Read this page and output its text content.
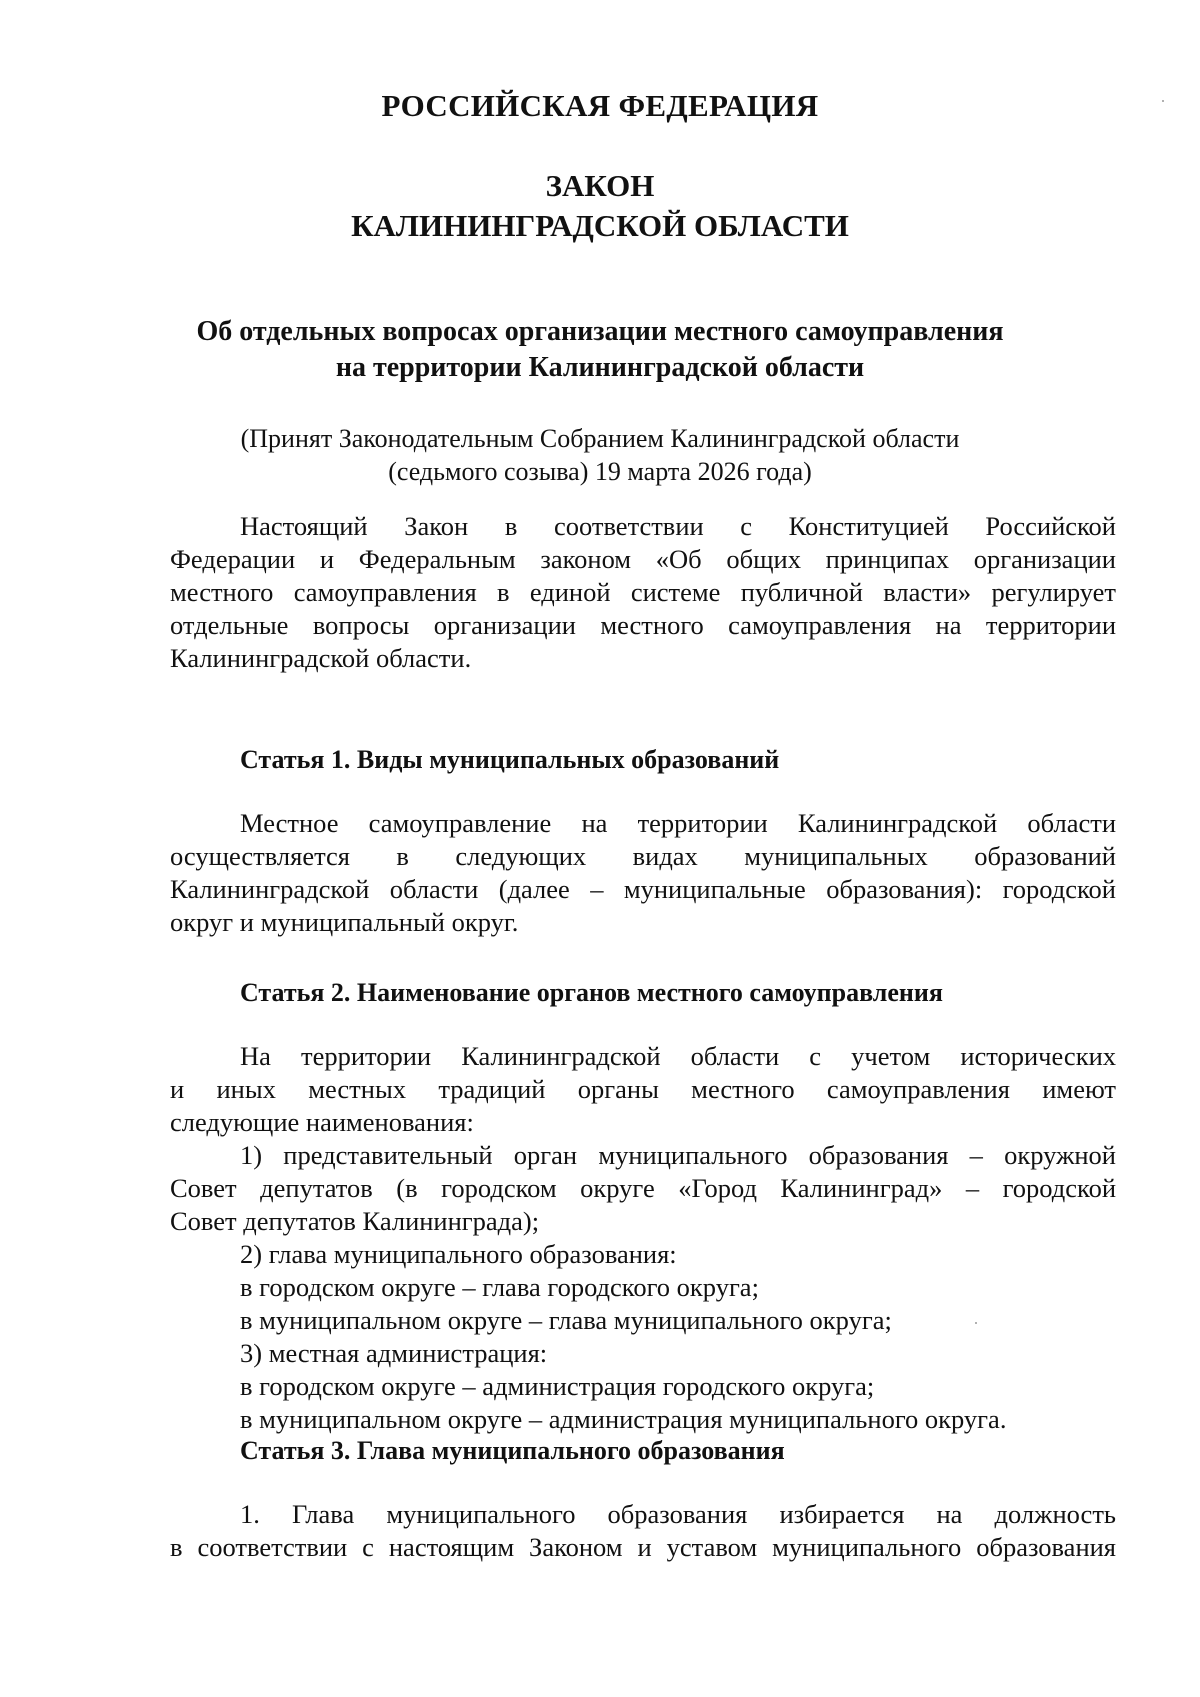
РОССИЙСКАЯ ФЕДЕРАЦИЯ
ЗАКОН
КАЛИНИНГРАДСКОЙ ОБЛАСТИ
Об отдельных вопросах организации местного самоуправления
на территории Калининградской области
(Принят Законодательным Собранием Калининградской области
(седьмого созыва) 19 марта 2026 года)
Настоящий Закон в соответствии с Конституцией Российской
Федерации и Федеральным законом «Об общих принципах организации
местного самоуправления в единой системе публичной власти» регулирует
отдельные вопросы организации местного самоуправления на территории
Калининградской области.
Статья 1. Виды муниципальных образований
Местное самоуправление на территории Калининградской области
осуществляется в следующих видах муниципальных образований
Калининградской области (далее – муниципальные образования): городской
округ и муниципальный округ.
Статья 2. Наименование органов местного самоуправления
На территории Калининградской области с учетом исторических
и иных местных традиций органы местного самоуправления имеют
следующие наименования:
1) представительный орган муниципального образования – окружной
Совет депутатов (в городском округе «Город Калининград» – городской
Совет депутатов Калининграда);
2) глава муниципального образования:
в городском округе – глава городского округа;
в муниципальном округе – глава муниципального округа;
3) местная администрация:
в городском округе – администрация городского округа;
в муниципальном округе – администрация муниципального округа.
Статья 3. Глава муниципального образования
1. Глава муниципального образования избирается на должность
в соответствии с настоящим Законом и уставом муниципального образования
